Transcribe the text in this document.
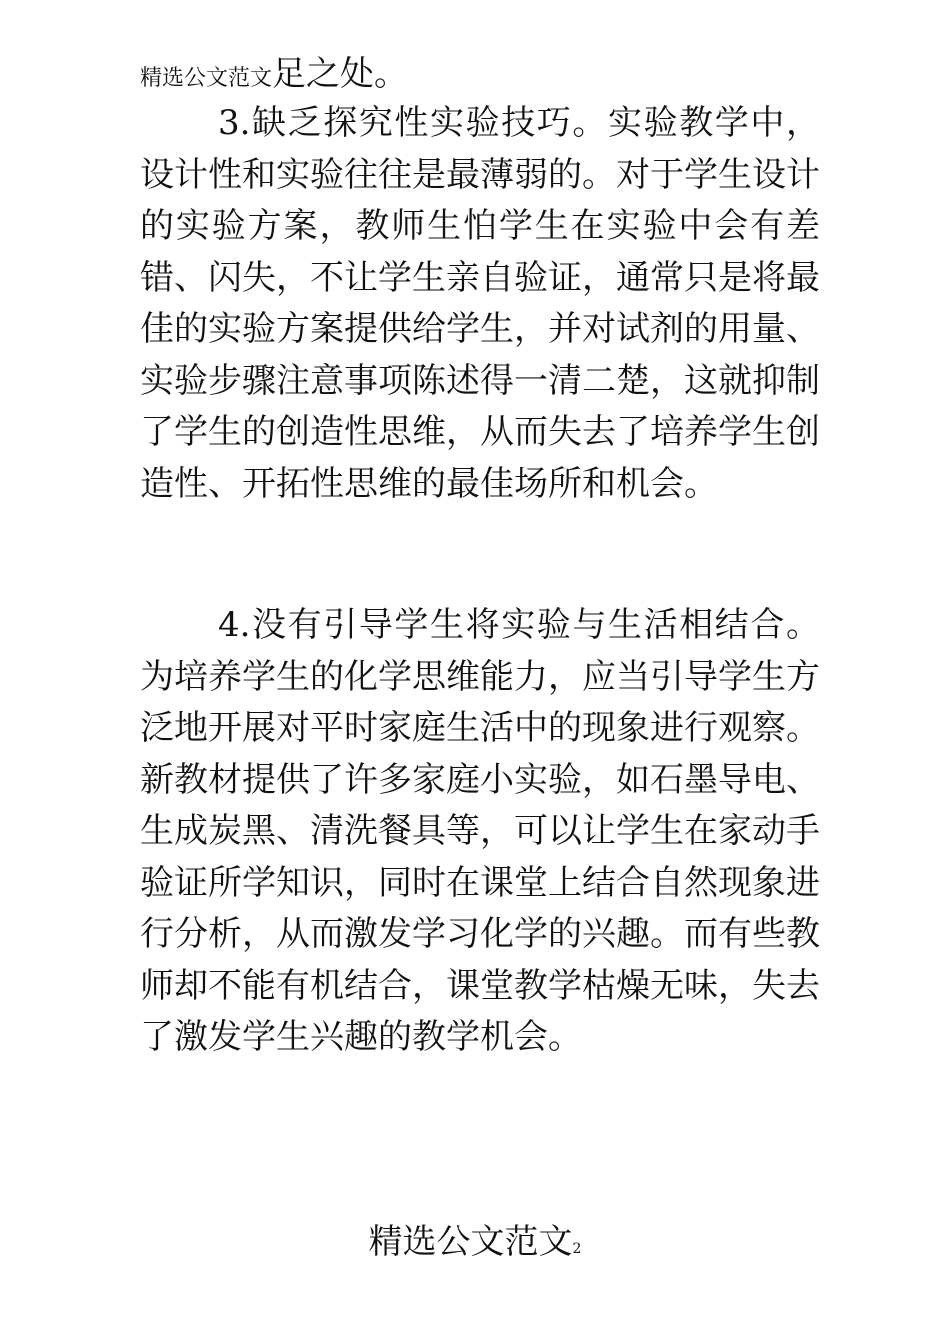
精选公文范文足之处。

3.缺乏探究性实验技巧。实验教学中，设计性和实验往往是最薄弱的。对于学生设计的实验方案，教师生怕学生在实验中会有差错、闪失，不让学生亲自验证，通常只是将最佳的实验方案提供给学生，并对试剂的用量、实验步骤注意事项陈述得一清二楚，这就抑制了学生的创造性思维，从而失去了培养学生创造性、开拓性思维的最佳场所和机会。

4.没有引导学生将实验与生活相结合。为培养学生的化学思维能力，应当引导学生方泛地开展对平时家庭生活中的现象进行观察。新教材提供了许多家庭小实验，如石墨导电、生成炭黑、清洗餐具等，可以让学生在家动手验证所学知识，同时在课堂上结合自然现象进行分析，从而激发学习化学的兴趣。而有些教师却不能有机结合，课堂教学枯燥无味，失去了激发学生兴趣的教学机会。

精选公文范文2
